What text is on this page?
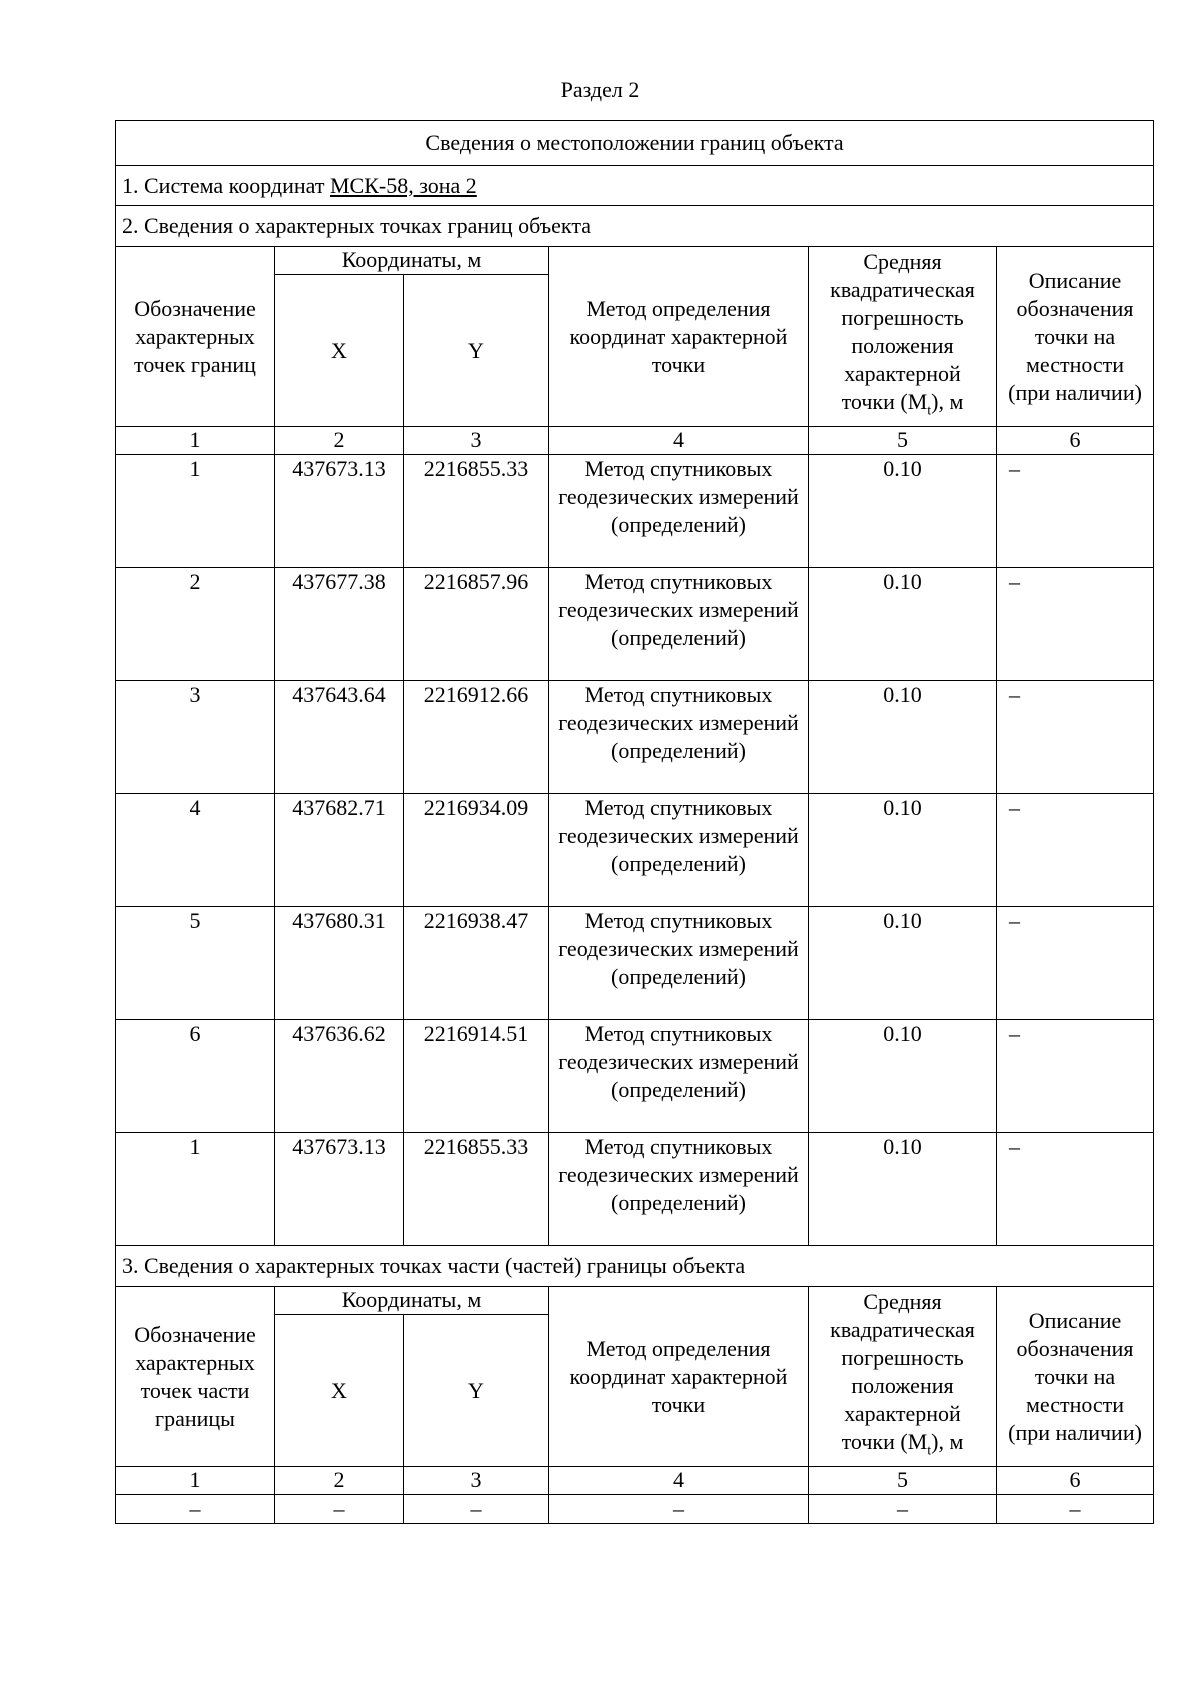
Раздел 2
Сведения о местоположении границ объекта					
1. Система координат МСК-58, зона 2					
2. Сведения о характерных точках границ объекта					
Обозначение характерных точек границ	Координаты, м		Метод определения координат характерной точки	Средняя квадратическая погрешность положения характерной точки $(M_t)$, м	Описание обозначения точки на местности (при наличии)
	X	Y			
1	2	3	4	5	6
1	437673.13	2216855.33	Метод спутниковых геодезических измерений (определений)	0.10	–
2	437677.38	2216857.96	Метод спутниковых геодезических измерений (определений)	0.10	–
3	437643.64	2216912.66	Метод спутниковых геодезических измерений (определений)	0.10	–
4	437682.71	2216934.09	Метод спутниковых геодезических измерений (определений)	0.10	–
5	437680.31	2216938.47	Метод спутниковых геодезических измерений (определений)	0.10	–
6	437636.62	2216914.51	Метод спутниковых геодезических измерений (определений)	0.10	–
1	437673.13	2216855.33	Метод спутниковых геодезических измерений (определений)	0.10	–
3. Сведения о характерных точках части (частей) границы объекта					
Обозначение характерных точек части границы	Координаты, м		Метод определения координат характерной точки	Средняя квадратическая погрешность положения характерной точки $(M_t)$, м	Описание обозначения точки на местности (при наличии)
	X	Y			
1	2	3	4	5	6
–	–	–	–	–	–
